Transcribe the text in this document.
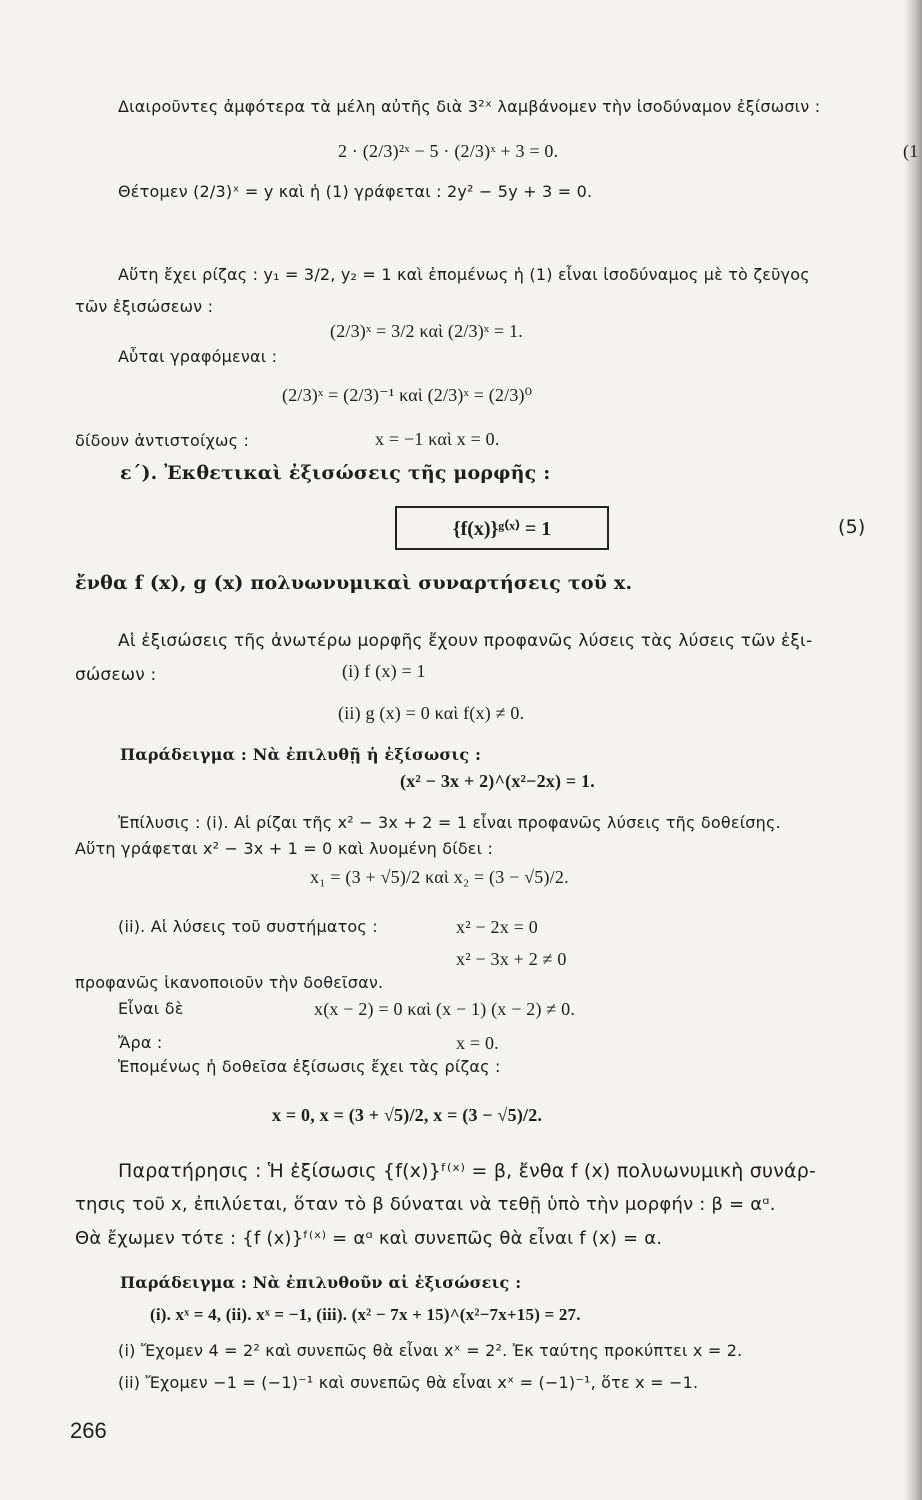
Διαιροῦντες ἀμφότερα τὰ μέλη αὐτῆς διὰ 3²ˣ λαμβάνομεν τὴν ἰσοδύναμον ἐξίσωσιν :
2 · (2/3)²ˣ − 5 · (2/3)ˣ + 3 = 0.	(1
Θέτομεν (2/3)ˣ = y καὶ ἡ (1) γράφεται : 2y² − 5y + 3 = 0.
Αὕτη ἔχει ρίζας : y₁ = 3/2, y₂ = 1 καὶ ἐπομένως ἡ (1) εἶναι ἰσοδύναμος μὲ τὸ ζεῦγος
τῶν ἐξισώσεων :
(2/3)ˣ = 3/2 καὶ (2/3)ˣ = 1.
Αὗται γραφόμεναι :
(2/3)ˣ = (2/3)⁻¹ καὶ (2/3)ˣ = (2/3)⁰
δίδουν ἀντιστοίχως :	x = −1 καὶ x = 0.
ε΄). Ἐκθετικαὶ ἐξισώσεις τῆς μορφῆς :
{f(x)}ᵍ⁽ˣ⁾ = 1	(5)
ἔνθα f (x), g (x) πολυωνυμικαὶ συναρτήσεις τοῦ x.
Αἱ ἐξισώσεις τῆς ἀνωτέρω μορφῆς ἔχουν προφανῶς λύσεις τὰς λύσεις τῶν ἐξι-
σώσεων :	(i) f (x) = 1
(ii) g (x) = 0 καὶ f(x) ≠ 0.
Παράδειγμα : Νὰ ἐπιλυθῇ ἡ ἐξίσωσις :
(x² − 3x + 2)^(x²−2x) = 1.
Ἐπίλυσις : (i). Αἱ ρίζαι τῆς x² − 3x + 2 = 1 εἶναι προφανῶς λύσεις τῆς δοθείσης.
Αὕτη γράφεται x² − 3x + 1 = 0 καὶ λυομένη δίδει :
x₁ = (3 + √5)/2 καὶ x₂ = (3 − √5)/2.
(ii). Αἱ λύσεις τοῦ συστήματος :	x² − 2x = 0
x² − 3x + 2 ≠ 0
προφανῶς ἱκανοποιοῦν τὴν δοθεῖσαν.
Εἶναι δὲ	x(x − 2) = 0 καὶ (x − 1) (x − 2) ≠ 0.
Ἄρα :	x = 0.
Ἑπομένως ἡ δοθεῖσα ἐξίσωσις ἔχει τὰς ρίζας :
x = 0, x = (3 + √5)/2, x = (3 − √5)/2.
Παρατήρησις : Ἡ ἐξίσωσις {f(x)}ᶠ⁽ˣ⁾ = β, ἔνθα f (x) πολυωνυμικὴ συνάρ-
τησις τοῦ x, ἐπιλύεται, ὅταν τὸ β δύναται νὰ τεθῇ ὑπὸ τὴν μορφήν : β = αᵅ.
Θὰ ἔχωμεν τότε : {f (x)}ᶠ⁽ˣ⁾ = αᵅ καὶ συνεπῶς θὰ εἶναι f (x) = α.
Παράδειγμα : Νὰ ἐπιλυθοῦν αἱ ἐξισώσεις :
(i). xˣ = 4, (ii). xˣ = −1, (iii). (x² − 7x + 15)^(x²−7x+15) = 27.
(i) Ἔχομεν 4 = 2² καὶ συνεπῶς θὰ εἶναι xˣ = 2². Ἐκ ταύτης προκύπτει x = 2.
(ii) Ἔχομεν −1 = (−1)⁻¹ καὶ συνεπῶς θὰ εἶναι xˣ = (−1)⁻¹, ὅτε x = −1.
266
